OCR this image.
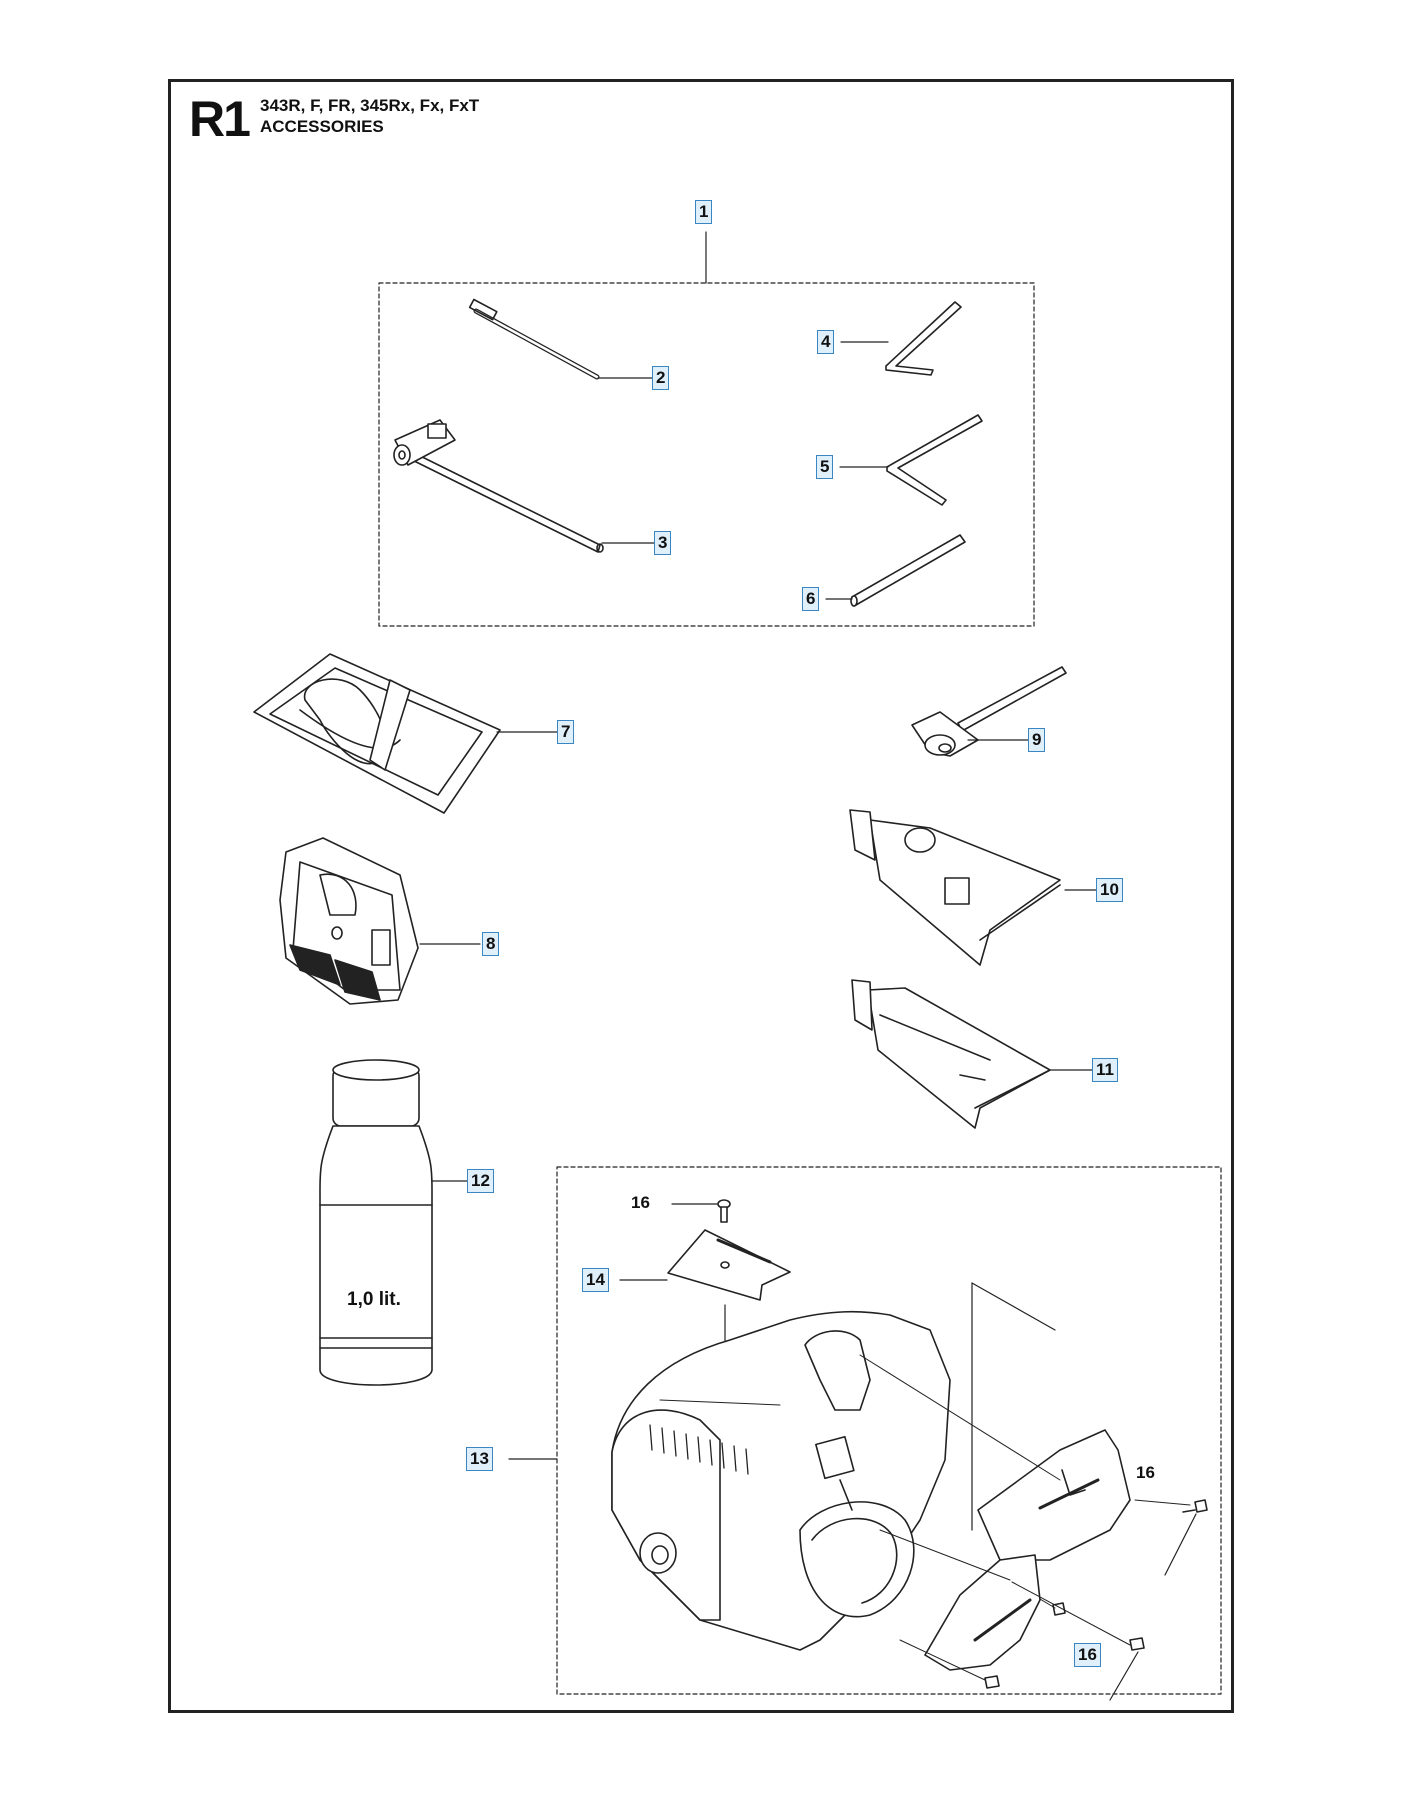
R1 343R, F, FR, 345Rx, Fx, FxT
ACCESSORIES
1,0 lit.
1
2
3
4
5
6
7
8
9
10
11
12
13
14
16
16
16
